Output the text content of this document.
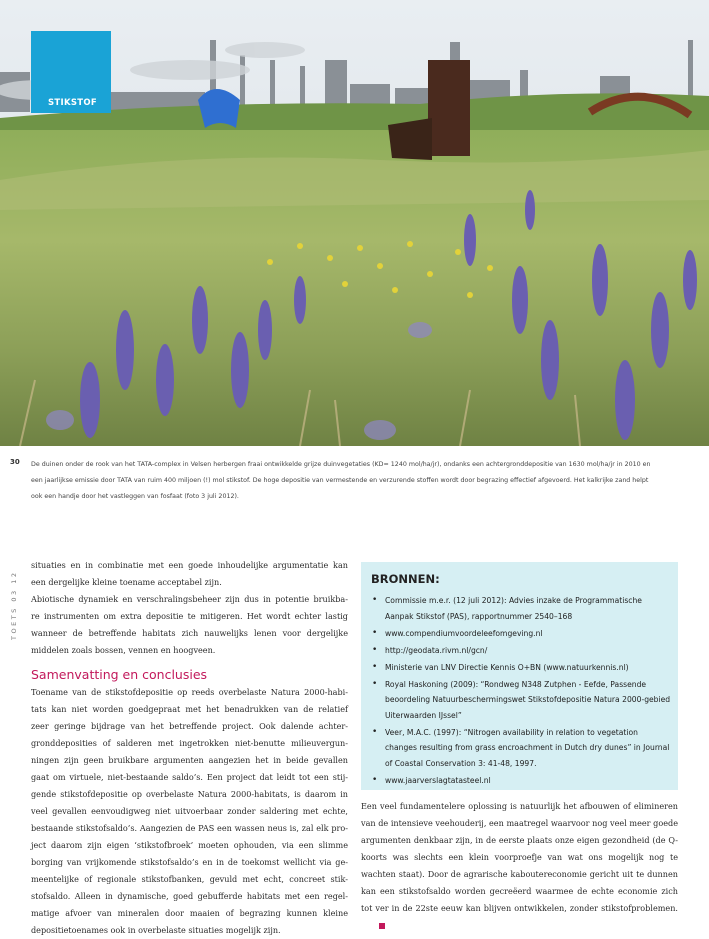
STIKSTOF
30 De duinen onder de rook van het TATA-complex in Velsen herbergen fraai ontwikkelde grijze duinvegetaties (KD= 1240 mol/ha/jr), ondanks een achtergronddepositie van 1630 mol/ha/jr in 2010 en
een jaarlijkse emissie door TATA van ruim 400 miljoen (!) mol stikstof. De hoge depositie van vermestende en verzurende stoffen wordt door begrazing effectief afgevoerd. Het kalkrijke zand helpt
ook een handje door het vastleggen van fosfaat (foto 3 juli 2012).
TOETS 03 12

situaties en in combinatie met een goede inhoudelijke argumentatie kan
een dergelijke kleine toename acceptabel zijn.

Abiotische dynamiek en verschralingsbeheer zijn dus in potentie bruikba-
re instrumenten om extra depositie te mitigeren. Het wordt echter lastig
wanneer de betreffende habitats zich nauwelijks lenen voor dergelijke
middelen zoals bossen, vennen en hoogveen.

Samenvatting en conclusies

Toename van de stikstofdepositie op reeds overbelaste Natura 2000-habi-
tats kan niet worden goedgepraat met het benadrukken van de relatief
zeer geringe bijdrage van het betreffende project. Ook dalende achter-
gronddeposities of salderen met ingetrokken niet-benutte milieuvergun-
ningen zijn geen bruikbare argumenten aangezien het in beide gevallen
gaat om virtuele, niet-bestaande saldo’s. Een project dat leidt tot een stij-
gende stikstofdepositie op overbelaste Natura 2000-habitats, is daarom in
veel gevallen eenvoudigweg niet uitvoerbaar zonder saldering met echte,
bestaande stikstofsaldo’s. Aangezien de PAS een wassen neus is, zal elk pro-
ject daarom zijn eigen ‘stikstofbroek’ moeten ophouden, via een slimme
borging van vrijkomende stikstofsaldo’s en in de toekomst wellicht via ge-
meentelijke of regionale stikstofbanken, gevuld met echt, concreet stik-
stofsaldo. Alleen in dynamische, goed gebufferde habitats met een regel-
matige afvoer van mineralen door maaien of begrazing kunnen kleine
depositietoenames ook in overbelaste situaties mogelijk zijn.

BRONNEN:
• Commissie m.e.r. (12 juli 2012): Advies inzake de Programmatische Aanpak Stikstof (PAS), rapportnummer 2540–168
• www.compendiumvoordeleefomgeving.nl
• http://geodata.rivm.nl/gcn/
• Ministerie van LNV Directie Kennis O+BN (www.natuurkennis.nl)
• Royal Haskoning (2009): “Rondweg N348 Zutphen - Eefde, Passende beoordeling Natuurbeschermingswet Stikstofdepositie Natura 2000-gebied Uiterwaarden IJssel”
• Veer, M.A.C. (1997): “Nitrogen availability in relation to vegetation changes resulting from grass encroachment in Dutch dry dunes” in Journal of Coastal Conservation 3: 41-48, 1997.
• www.jaarverslagtatasteel.nl

Een veel fundamentelere oplossing is natuurlijk het afbouwen of elimineren van de intensieve veehouderij, een maatregel waarvoor nog veel meer goede argumenten denkbaar zijn, in de eerste plaats onze eigen gezondheid (de Q-koorts was slechts een klein voorproefje van wat ons mogelijk nog te wachten staat). Door de agrarische kaboutereconomie gericht uit te dunnen kan een stikstofsaldo worden gecreëerd waarmee de echte economie zich tot ver in de 22ste eeuw kan blijven ontwikkelen, zonder stikstofproblemen.
